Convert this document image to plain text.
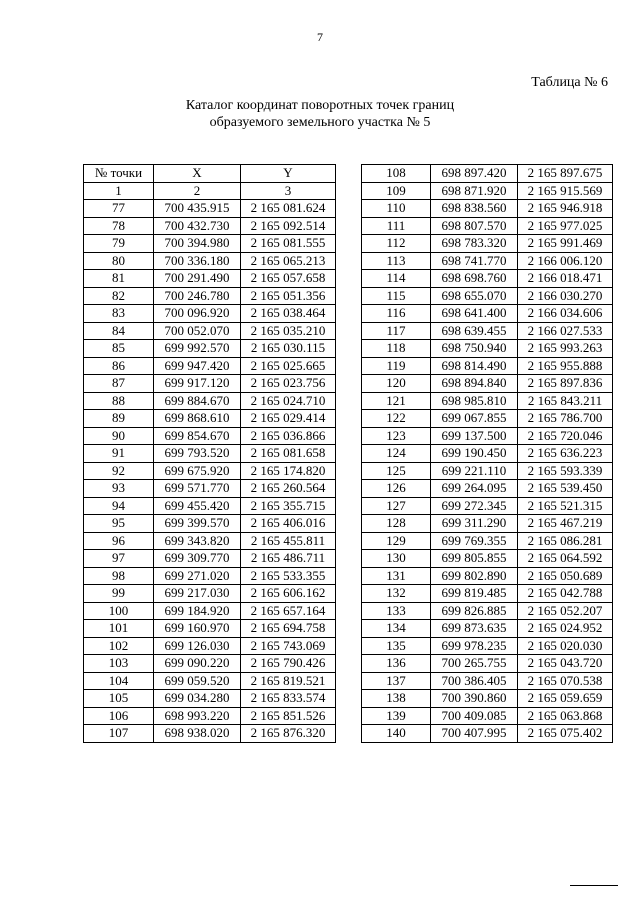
7
Таблица № 6
Каталог координат поворотных точек границ
образуемого земельного участка № 5
№ точки	X	Y
1	2	3
77	700 435.915	2 165 081.624
78	700 432.730	2 165 092.514
79	700 394.980	2 165 081.555
80	700 336.180	2 165 065.213
81	700 291.490	2 165 057.658
82	700 246.780	2 165 051.356
83	700 096.920	2 165 038.464
84	700 052.070	2 165 035.210
85	699 992.570	2 165 030.115
86	699 947.420	2 165 025.665
87	699 917.120	2 165 023.756
88	699 884.670	2 165 024.710
89	699 868.610	2 165 029.414
90	699 854.670	2 165 036.866
91	699 793.520	2 165 081.658
92	699 675.920	2 165 174.820
93	699 571.770	2 165 260.564
94	699 455.420	2 165 355.715
95	699 399.570	2 165 406.016
96	699 343.820	2 165 455.811
97	699 309.770	2 165 486.711
98	699 271.020	2 165 533.355
99	699 217.030	2 165 606.162
100	699 184.920	2 165 657.164
101	699 160.970	2 165 694.758
102	699 126.030	2 165 743.069
103	699 090.220	2 165 790.426
104	699 059.520	2 165 819.521
105	699 034.280	2 165 833.574
106	698 993.220	2 165 851.526
107	698 938.020	2 165 876.320
108	698 897.420	2 165 897.675
109	698 871.920	2 165 915.569
110	698 838.560	2 165 946.918
111	698 807.570	2 165 977.025
112	698 783.320	2 165 991.469
113	698 741.770	2 166 006.120
114	698 698.760	2 166 018.471
115	698 655.070	2 166 030.270
116	698 641.400	2 166 034.606
117	698 639.455	2 166 027.533
118	698 750.940	2 165 993.263
119	698 814.490	2 165 955.888
120	698 894.840	2 165 897.836
121	698 985.810	2 165 843.211
122	699 067.855	2 165 786.700
123	699 137.500	2 165 720.046
124	699 190.450	2 165 636.223
125	699 221.110	2 165 593.339
126	699 264.095	2 165 539.450
127	699 272.345	2 165 521.315
128	699 311.290	2 165 467.219
129	699 769.355	2 165 086.281
130	699 805.855	2 165 064.592
131	699 802.890	2 165 050.689
132	699 819.485	2 165 042.788
133	699 826.885	2 165 052.207
134	699 873.635	2 165 024.952
135	699 978.235	2 165 020.030
136	700 265.755	2 165 043.720
137	700 386.405	2 165 070.538
138	700 390.860	2 165 059.659
139	700 409.085	2 165 063.868
140	700 407.995	2 165 075.402
